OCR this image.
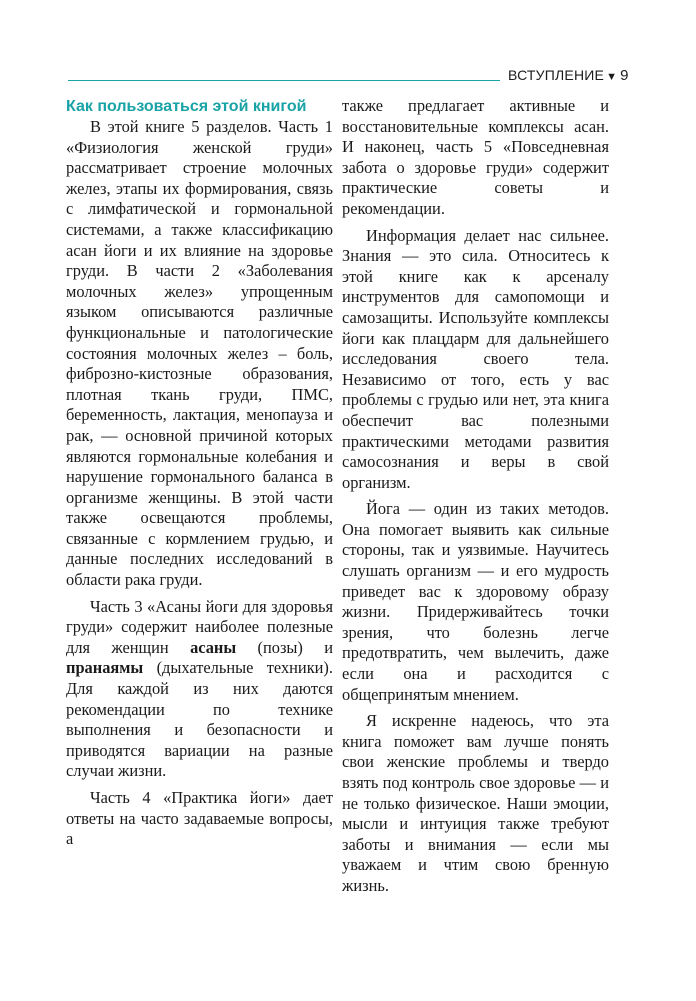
ВСТУПЛЕНИЕ ▼ 9
Как пользоваться этой книгой

В этой книге 5 разделов. Часть 1 «Физиология женской груди» рассматривает строение молочных желез, этапы их формирования, связь с лимфатической и гормональной системами, а также классификацию асан йоги и их влияние на здоровье груди. В части 2 «Заболевания молочных желез» упрощенным языком описываются различные функциональные и патологические состояния молочных желез – боль, фиброзно-кистозные образования, плотная ткань груди, ПМС, беременность, лактация, менопауза и рак, — основной причиной которых являются гормональные колебания и нарушение гормонального баланса в организме женщины. В этой части также освещаются проблемы, связанные с кормлением грудью, и данные последних исследований в области рака груди.

Часть 3 «Асаны йоги для здоровья груди» содержит наиболее полезные для женщин асаны (позы) и пранаямы (дыхательные техники). Для каждой из них даются рекомендации по технике выполнения и безопасности и приводятся вариации на разные случаи жизни.

Часть 4 «Практика йоги» дает ответы на часто задаваемые вопросы, а

также предлагает активные и восстановительные комплексы асан. И наконец, часть 5 «Повседневная забота о здоровье груди» содержит практические советы и рекомендации.

Информация делает нас сильнее. Знания — это сила. Относитесь к этой книге как к арсеналу инструментов для самопомощи и самозащиты. Используйте комплексы йоги как плацдарм для дальнейшего исследования своего тела. Независимо от того, есть у вас проблемы с грудью или нет, эта книга обеспечит вас полезными практическими методами развития самосознания и веры в свой организм.

Йога — один из таких методов. Она помогает выявить как сильные стороны, так и уязвимые. Научитесь слушать организм — и его мудрость приведет вас к здоровому образу жизни. Придерживайтесь точки зрения, что болезнь легче предотвратить, чем вылечить, даже если она и расходится с общепринятым мнением.

Я искренне надеюсь, что эта книга поможет вам лучше понять свои женские проблемы и твердо взять под контроль свое здоровье — и не только физическое. Наши эмоции, мысли и интуиция также требуют заботы и внимания — если мы уважаем и чтим свою бренную жизнь.
